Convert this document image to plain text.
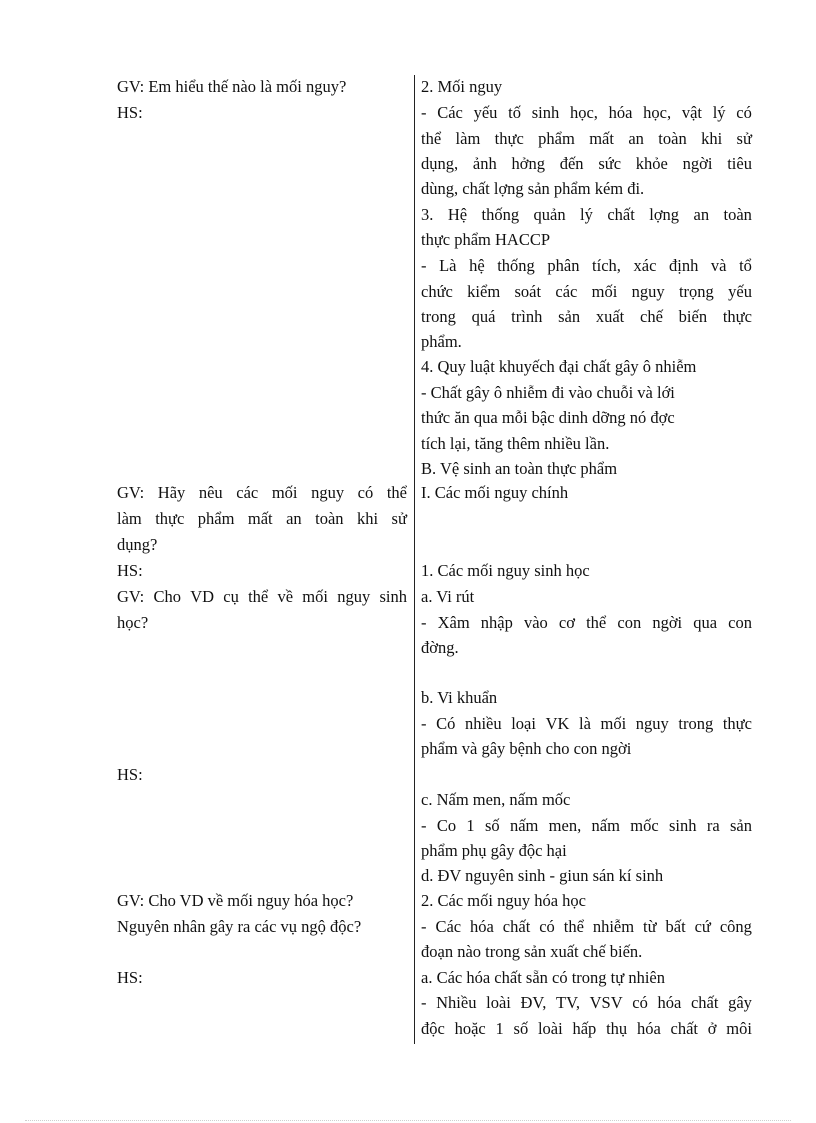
GV: Em hiểu thế nào là mối nguy?
HS:
GV: Hãy nêu các mối nguy có thể
làm thực phẩm mất an toàn khi sử
dụng?
HS:
GV: Cho VD cụ thể về mối nguy sinh
học?
HS:
GV: Cho VD về mối nguy hóa học?
Nguyên nhân gây ra các vụ ngộ độc?
HS:
2. Mối nguy
- Các yếu tố sinh học, hóa học, vật lý có
thể làm thực phẩm mất an toàn khi sử
dụng, ảnh hởng đến sức khỏe ngời tiêu
dùng, chất lợng sản phẩm kém đi.
3. Hệ thống quản lý chất lợng an toàn
thực phẩm HACCP
- Là hệ thống phân tích, xác định và tổ
chức kiểm soát các mối nguy trọng yếu
trong quá trình sản xuất chế biến thực
phẩm.
4. Quy luật khuyếch đại chất gây ô nhiễm
- Chất gây ô nhiễm đi vào chuỗi và lới
thức ăn qua mỗi bậc dinh dỡng nó đợc
tích lại, tăng thêm nhiều lần.
B. Vệ sinh an toàn thực phẩm
I. Các mối nguy chính
1. Các mối nguy sinh học
a. Vi rút
- Xâm nhập vào cơ thể con ngời qua con
đờng.
b. Vi khuẩn
- Có nhiều loại VK là mối nguy trong thực
phẩm và gây bệnh cho con ngời
c. Nấm men, nấm mốc
- Co 1 số nấm men, nấm mốc sinh ra sản
phẩm phụ gây độc hại
d. ĐV nguyên sinh - giun sán kí sinh
2. Các mối nguy hóa học
- Các hóa chất có thể nhiễm từ bất cứ công
đoạn nào trong sản xuất chế biến.
a. Các hóa chất sẵn có trong tự nhiên
- Nhiều loài ĐV, TV, VSV có hóa chất gây
độc hoặc 1 số loài hấp thụ hóa chất ở môi
